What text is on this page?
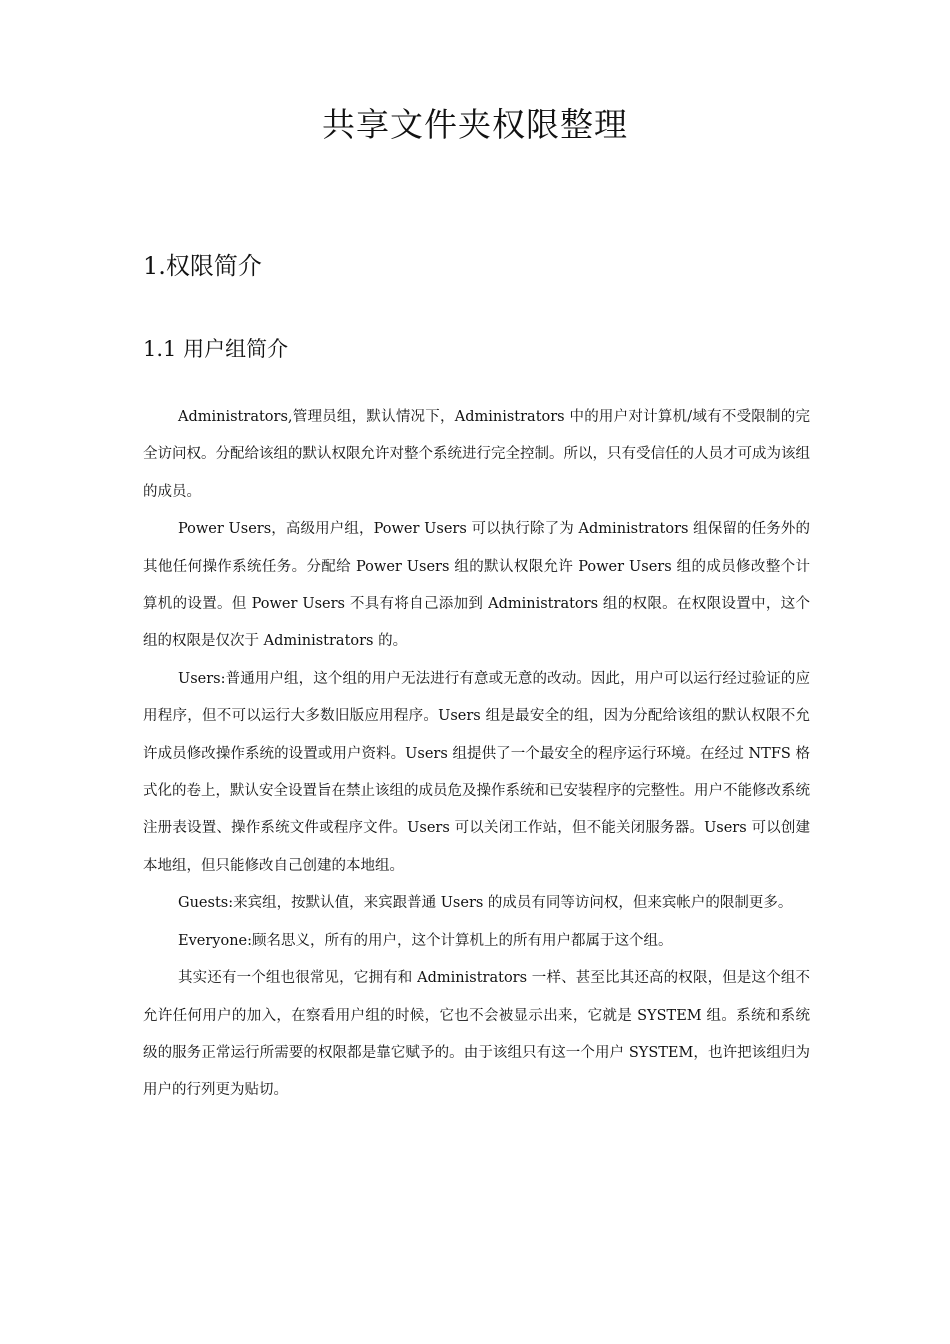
共享文件夹权限整理
1.权限简介
1.1 用户组简介

Administrators,管理员组，默认情况下，Administrators 中的用户对计算机/域有不受限制的完全访问权。分配给该组的默认权限允许对整个系统进行完全控制。所以，只有受信任的人员才可成为该组的成员。

Power Users，高级用户组，Power Users 可以执行除了为 Administrators 组保留的任务外的其他任何操作系统任务。分配给 Power Users 组的默认权限允许 Power Users 组的成员修改整个计算机的设置。但 Power Users 不具有将自己添加到 Administrators 组的权限。在权限设置中，这个组的权限是仅次于 Administrators 的。

Users:普通用户组，这个组的用户无法进行有意或无意的改动。因此，用户可以运行经过验证的应用程序，但不可以运行大多数旧版应用程序。Users 组是最安全的组，因为分配给该组的默认权限不允许成员修改操作系统的设置或用户资料。Users 组提供了一个最安全的程序运行环境。在经过 NTFS 格式化的卷上，默认安全设置旨在禁止该组的成员危及操作系统和已安装程序的完整性。用户不能修改系统注册表设置、操作系统文件或程序文件。Users 可以关闭工作站，但不能关闭服务器。Users 可以创建本地组，但只能修改自己创建的本地组。

Guests:来宾组，按默认值，来宾跟普通 Users 的成员有同等访问权，但来宾帐户的限制更多。

Everyone:顾名思义，所有的用户，这个计算机上的所有用户都属于这个组。

其实还有一个组也很常见，它拥有和 Administrators 一样、甚至比其还高的权限，但是这个组不允许任何用户的加入，在察看用户组的时候，它也不会被显示出来，它就是 SYSTEM 组。系统和系统级的服务正常运行所需要的权限都是靠它赋予的。由于该组只有这一个用户 SYSTEM，也许把该组归为用户的行列更为贴切。
